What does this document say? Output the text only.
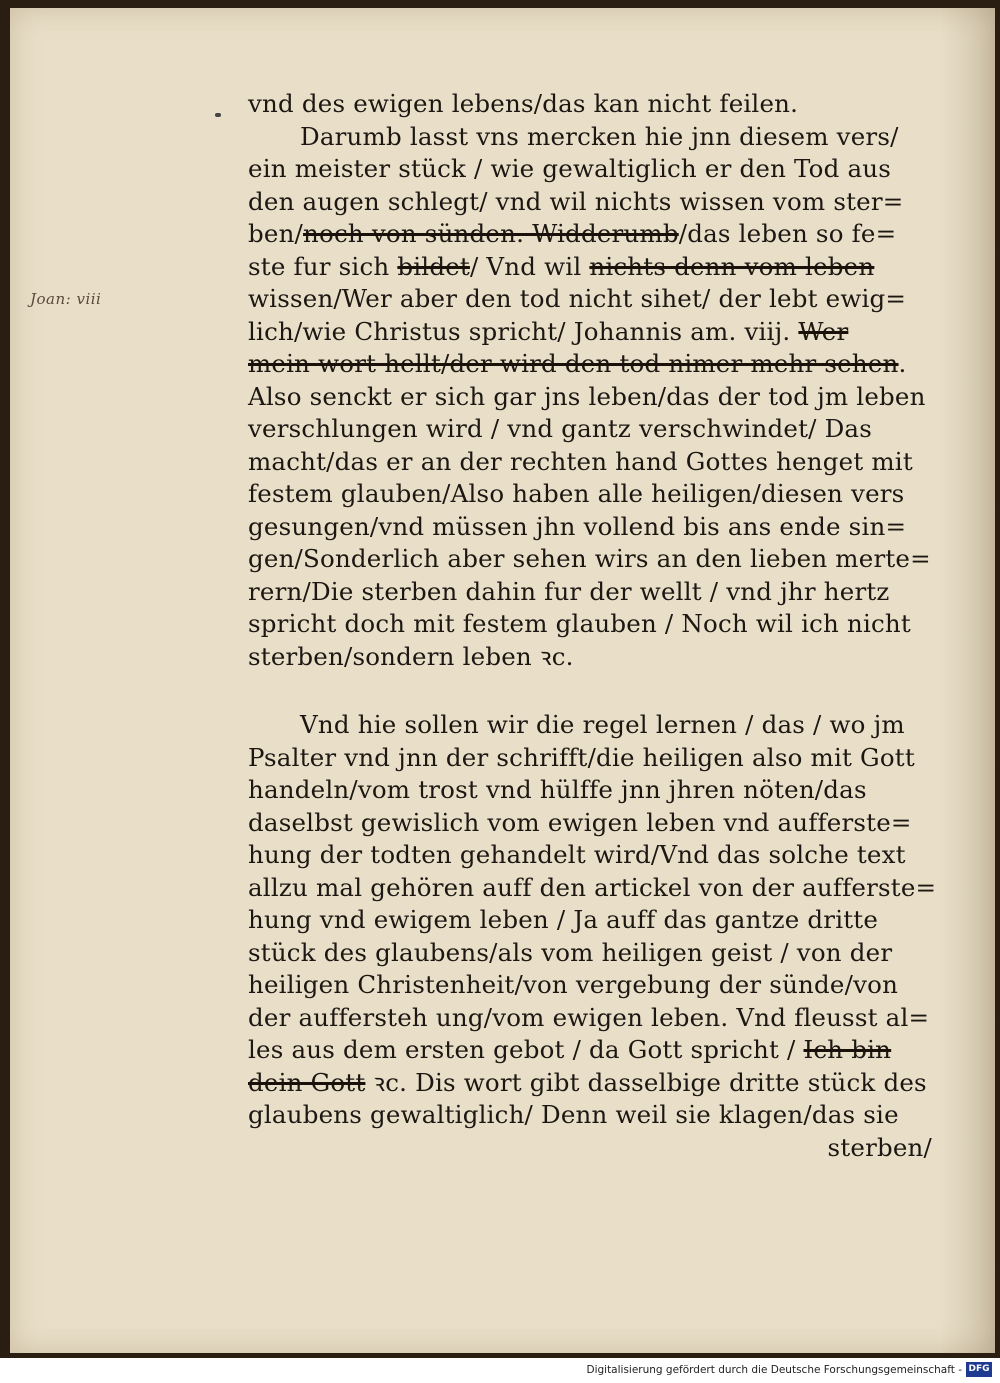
Joan: viii
vnd des ewigen lebens/das kan nicht feilen.
Darumb lasst vns mercken hie jnn diesem vers/
ein meister stück / wie gewaltiglich er den Tod aus
den augen schlegt/ vnd wil nichts wissen vom ster=
ben/noch von sünden. Widderumb/das leben so fe=
ste fur sich bildet/ Vnd wil nichts denn vom leben
wissen/Wer aber den tod nicht sihet/ der lebt ewig=
lich/wie Christus spricht/ Johannis am. viij. Wer
mein wort hellt/der wird den tod nimer mehr sehen.
Also senckt er sich gar jns leben/das der tod jm leben
verschlungen wird / vnd gantz verschwindet/ Das
macht/das er an der rechten hand Gottes henget mit
festem glauben/Also haben alle heiligen/diesen vers
gesungen/vnd müssen jhn vollend bis ans ende sin=
gen/Sonderlich aber sehen wirs an den lieben merte=
rern/Die sterben dahin fur der wellt / vnd jhr hertz
spricht doch mit festem glauben / Noch wil ich nicht
sterben/sondern leben ꝛc.
Vnd hie sollen wir die regel lernen / das / wo jm
Psalter vnd jnn der schrifft/die heiligen also mit Gott
handeln/vom trost vnd hülffe jnn jhren nöten/das
daselbst gewislich vom ewigen leben vnd aufferste=
hung der todten gehandelt wird/Vnd das solche text
allzu mal gehören auff den artickel von der aufferste=
hung vnd ewigem leben / Ja auff das gantze dritte
stück des glaubens/als vom heiligen geist / von der
heiligen Christenheit/von vergebung der sünde/von
der auffersteh ung/vom ewigen leben. Vnd fleusst al=
les aus dem ersten gebot / da Gott spricht / Ich bin
dein Gott ꝛc. Dis wort gibt dasselbige dritte stück des
glaubens gewaltiglich/ Denn weil sie klagen/das sie
sterben/
Digitalisierung gefördert durch die Deutsche Forschungsgemeinschaft - DFG
